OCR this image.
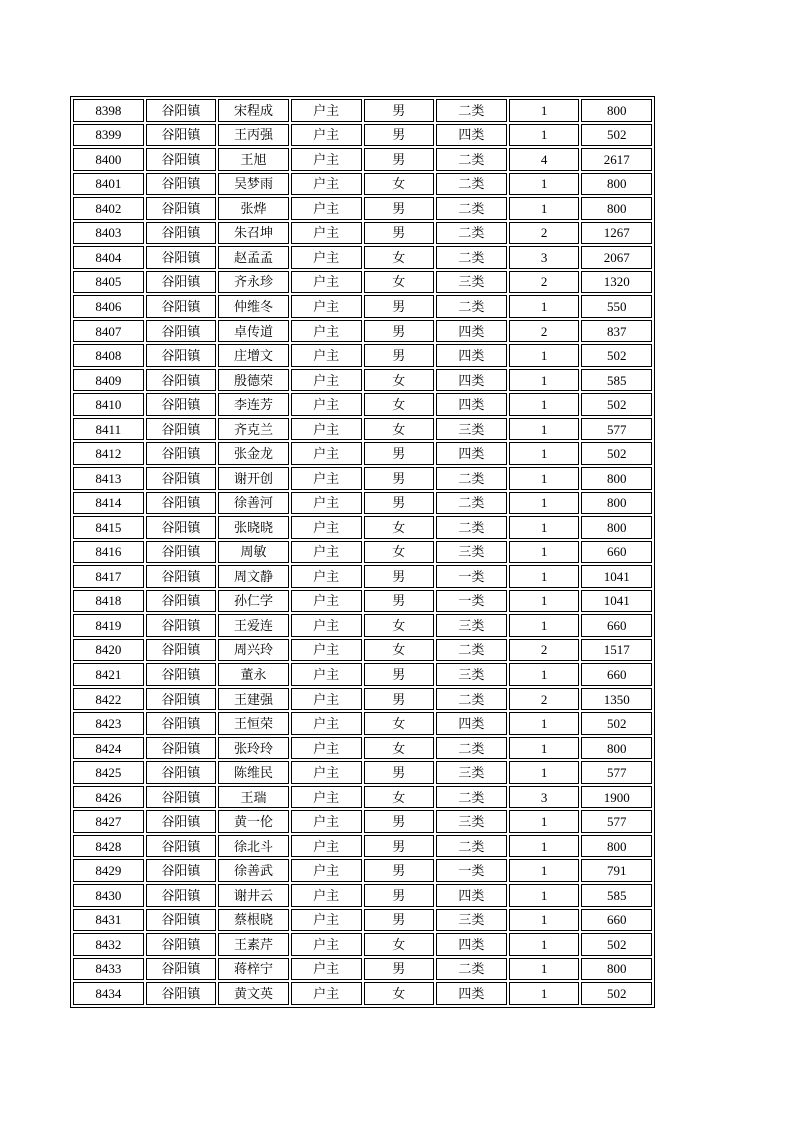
8398	谷阳镇	宋程成	户主	男	二类	1	800
8399	谷阳镇	王丙强	户主	男	四类	1	502
8400	谷阳镇	王旭	户主	男	二类	4	2617
8401	谷阳镇	吴梦雨	户主	女	二类	1	800
8402	谷阳镇	张烨	户主	男	二类	1	800
8403	谷阳镇	朱召坤	户主	男	二类	2	1267
8404	谷阳镇	赵孟孟	户主	女	二类	3	2067
8405	谷阳镇	齐永珍	户主	女	三类	2	1320
8406	谷阳镇	仲维冬	户主	男	二类	1	550
8407	谷阳镇	卓传道	户主	男	四类	2	837
8408	谷阳镇	庄增文	户主	男	四类	1	502
8409	谷阳镇	殷德荣	户主	女	四类	1	585
8410	谷阳镇	李连芳	户主	女	四类	1	502
8411	谷阳镇	齐克兰	户主	女	三类	1	577
8412	谷阳镇	张金龙	户主	男	四类	1	502
8413	谷阳镇	谢开创	户主	男	二类	1	800
8414	谷阳镇	徐善河	户主	男	二类	1	800
8415	谷阳镇	张晓晓	户主	女	二类	1	800
8416	谷阳镇	周敏	户主	女	三类	1	660
8417	谷阳镇	周文静	户主	男	一类	1	1041
8418	谷阳镇	孙仁学	户主	男	一类	1	1041
8419	谷阳镇	王爱连	户主	女	三类	1	660
8420	谷阳镇	周兴玲	户主	女	二类	2	1517
8421	谷阳镇	董永	户主	男	三类	1	660
8422	谷阳镇	王建强	户主	男	二类	2	1350
8423	谷阳镇	王恒荣	户主	女	四类	1	502
8424	谷阳镇	张玲玲	户主	女	二类	1	800
8425	谷阳镇	陈维民	户主	男	三类	1	577
8426	谷阳镇	王瑞	户主	女	二类	3	1900
8427	谷阳镇	黄一伦	户主	男	三类	1	577
8428	谷阳镇	徐北斗	户主	男	二类	1	800
8429	谷阳镇	徐善武	户主	男	一类	1	791
8430	谷阳镇	谢井云	户主	男	四类	1	585
8431	谷阳镇	蔡根晓	户主	男	三类	1	660
8432	谷阳镇	王素芹	户主	女	四类	1	502
8433	谷阳镇	蒋梓宁	户主	男	二类	1	800
8434	谷阳镇	黄文英	户主	女	四类	1	502
